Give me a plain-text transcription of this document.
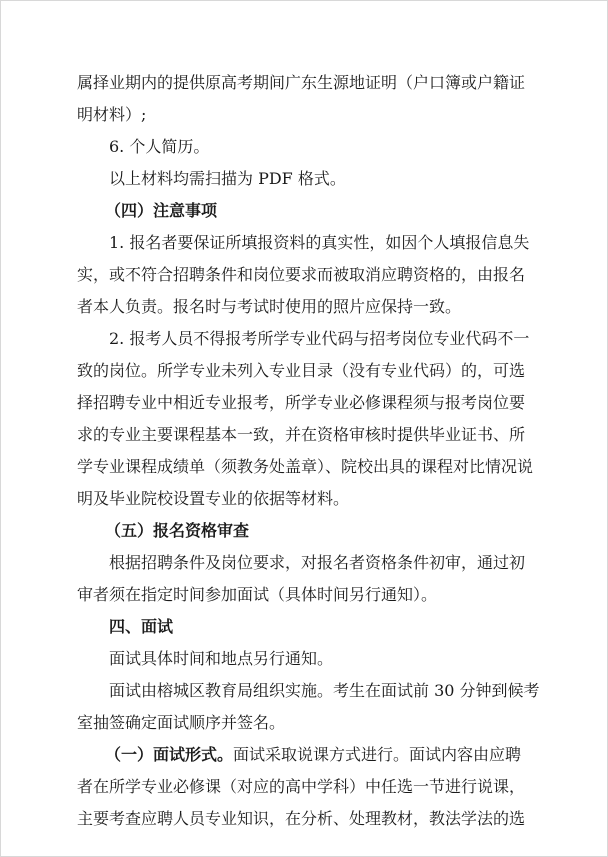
属择业期内的提供原高考期间广东生源地证明（户口簿或户籍证
明材料）;
6. 个人简历。
以上材料均需扫描为 PDF 格式。
（四）注意事项
1. 报名者要保证所填报资料的真实性，如因个人填报信息失
实，或不符合招聘条件和岗位要求而被取消应聘资格的，由报名
者本人负责。报名时与考试时使用的照片应保持一致。
2. 报考人员不得报考所学专业代码与招考岗位专业代码不一
致的岗位。所学专业未列入专业目录（没有专业代码）的，可选
择招聘专业中相近专业报考，所学专业必修课程须与报考岗位要
求的专业主要课程基本一致，并在资格审核时提供毕业证书、所
学专业课程成绩单（须教务处盖章）、院校出具的课程对比情况说
明及毕业院校设置专业的依据等材料。
（五）报名资格审查
根据招聘条件及岗位要求，对报名者资格条件初审，通过初
审者须在指定时间参加面试（具体时间另行通知）。
四、面试
面试具体时间和地点另行通知。
面试由榕城区教育局组织实施。考生在面试前 30 分钟到候考
室抽签确定面试顺序并签名。
（一）面试形式。面试采取说课方式进行。面试内容由应聘
者在所学专业必修课（对应的高中学科）中任选一节进行说课，
主要考查应聘人员专业知识，在分析、处理教材，教法学法的选
